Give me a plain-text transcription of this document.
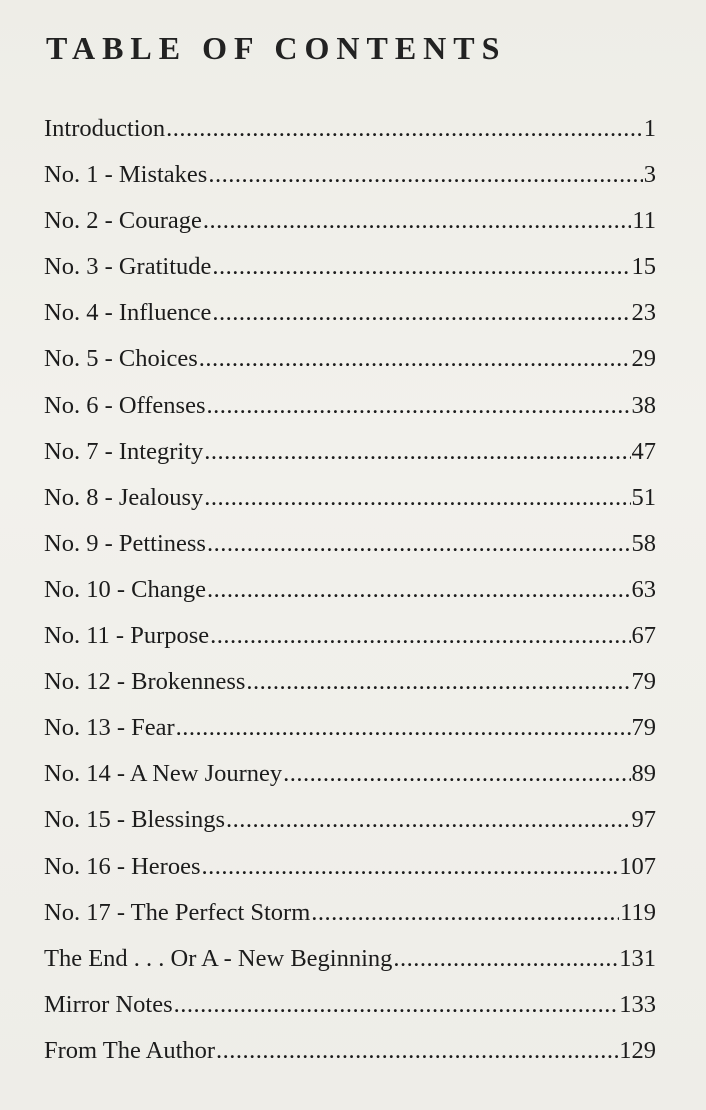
TABLE OF CONTENTS
Introduction .....	1
No. 1 - Mistakes .....	3
No. 2 - Courage .....	11
No. 3 - Gratitude .....	15
No. 4 - Influence .....	23
No. 5 - Choices .....	29
No. 6 - Offenses .....	38
No. 7 - Integrity .....	47
No. 8 - Jealousy .....	51
No. 9 - Pettiness .....	58
No. 10 - Change .....	63
No. 11 - Purpose .....	67
No. 12 - Brokenness .....	79
No. 13 - Fear .....	79
No. 14 - A New Journey .....	89
No. 15 - Blessings .....	97
No. 16 - Heroes .....	107
No. 17 - The Perfect Storm .....	119
The End . . . Or A - New Beginning .....	131
Mirror Notes .....	133
From The Author .....	129
